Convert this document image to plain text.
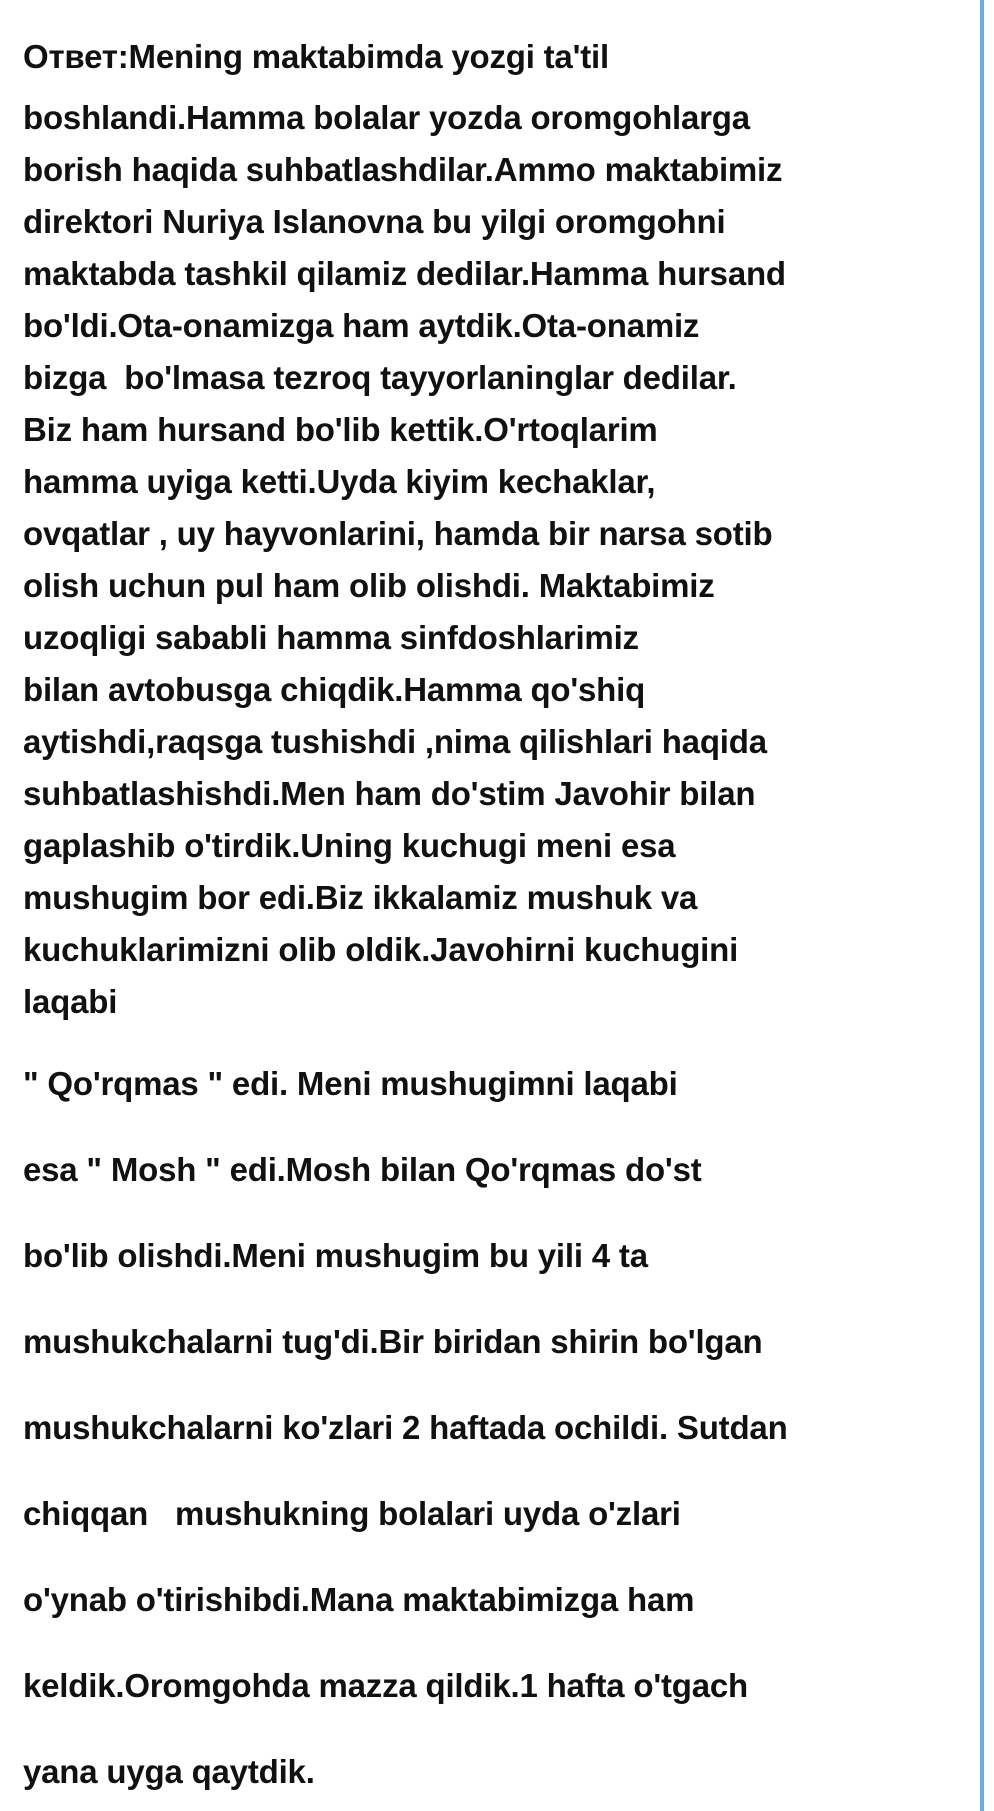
Ответ:Mening maktabimda yozgi ta'til
boshlandi.Hamma bolalar yozda oromgohlarga
borish haqida suhbatlashdilar.Ammo maktabimiz
direktori Nuriya Islanovna bu yilgi oromgohni
maktabda tashkil qilamiz dedilar.Hamma hursand
bo'ldi.Ota-onamizga ham aytdik.Ota-onamiz
bizga  bo'lmasa tezroq tayyorlaninglar dedilar.
Biz ham hursand bo'lib kettik.O'rtoqlarim
hamma uyiga ketti.Uyda kiyim kechaklar,
ovqatlar , uy hayvonlarini, hamda bir narsa sotib
olish uchun pul ham olib olishdi. Maktabimiz
uzoqligi sababli hamma sinfdoshlarimiz
bilan avtobusga chiqdik.Hamma qo'shiq
aytishdi,raqsga tushishdi ,nima qilishlari haqida
suhbatlashishdi.Men ham do'stim Javohir bilan
gaplashib o'tirdik.Uning kuchugi meni esa
mushugim bor edi.Biz ikkalamiz mushuk va
kuchuklarimizni olib oldik.Javohirni kuchugini
laqabi
" Qo'rqmas " edi. Meni mushugimni laqabi
esa " Mosh " edi.Mosh bilan Qo'rqmas do'st
bo'lib olishdi.Meni mushugim bu yili 4 ta
mushukchalarni tug'di.Bir biridan shirin bo'lgan
mushukchalarni ko'zlari 2 haftada ochildi. Sutdan
chiqqan   mushukning bolalari uyda o'zlari
o'ynab o'tirishibdi.Mana maktabimizga ham
keldik.Oromgohda mazza qildik.1 hafta o'tgach
yana uyga qaytdik.
